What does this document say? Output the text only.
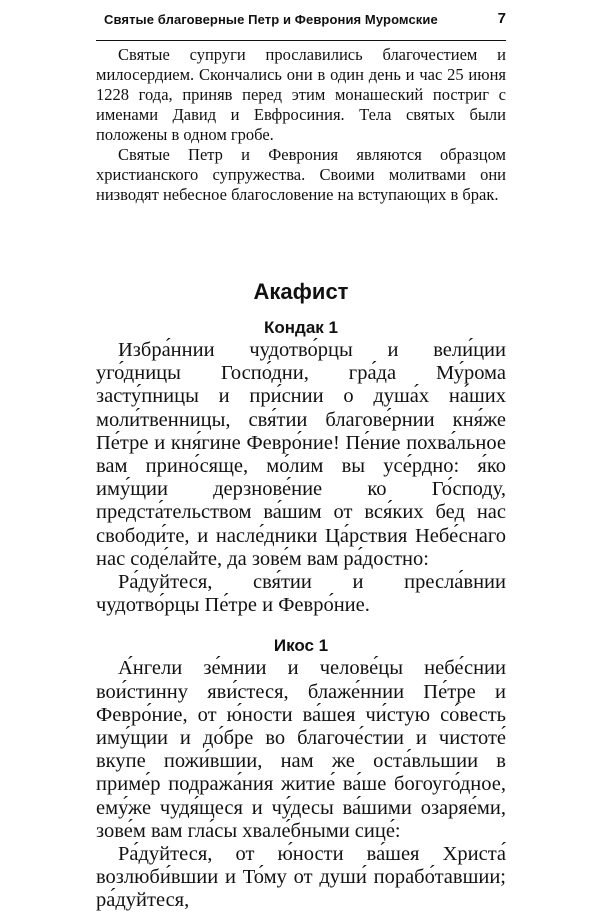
Святые благоверные Петр и Феврония Муромские	7

Святые супруги прославились благочестием и милосердием. Скончались они в один день и час 25 июня 1228 года, приняв перед этим монашеский постриг с именами Давид и Евфросиния. Тела святых были положены в одном гробе.

Святые Петр и Феврония являются образцом христианского супружества. Своими молитвами они низводят небесное благословение на вступающих в брак.

Акафист
Кондак 1

Избра́ннии чудотво́рцы и вели́ции уго́дницы Госпо́дни, гра́да Му́рома засту́пницы и при́снии о душа́х на́ших моли́твенницы, свя́тии благове́рнии кня́же Пе́тре и кня́гине Февро́ние! Пе́ние похва́льное вам прино́сяще, мо́лим вы усе́рдно: я́ко иму́щии дерзнове́ние ко Го́споду, предста́тельством ва́шим от вся́ких бед нас свободи́те, и насле́дники Ца́рствия Небе́снаго нас соде́лайте, да зове́м вам ра́достно:

Ра́дуйтеся, свя́тии и пресла́внии чудотво́рцы Пе́тре и Февро́ние.

Икос 1

А́нгели зе́мнии и челове́цы небе́снии вои́стинну яви́стеся, блаже́ннии Пе́тре и Февро́ние, от ю́ности ва́шея чи́стую со́весть иму́щии и до́бре во благоче́стии и чистоте́ вкупе пожи́вшии, нам же оста́вльшии в приме́р подража́ния житие́ ва́ше богоуго́дное, ему́же чудя́щеся и чу́десы ва́шими озаряе́ми, зове́м вам гла́сы хвале́бными сице́:

Ра́дуйтеся, от ю́ности ва́шея Христа́ возлюби́вшии и То́му от души́ порабо́тавшии; ра́дуйтеся,
